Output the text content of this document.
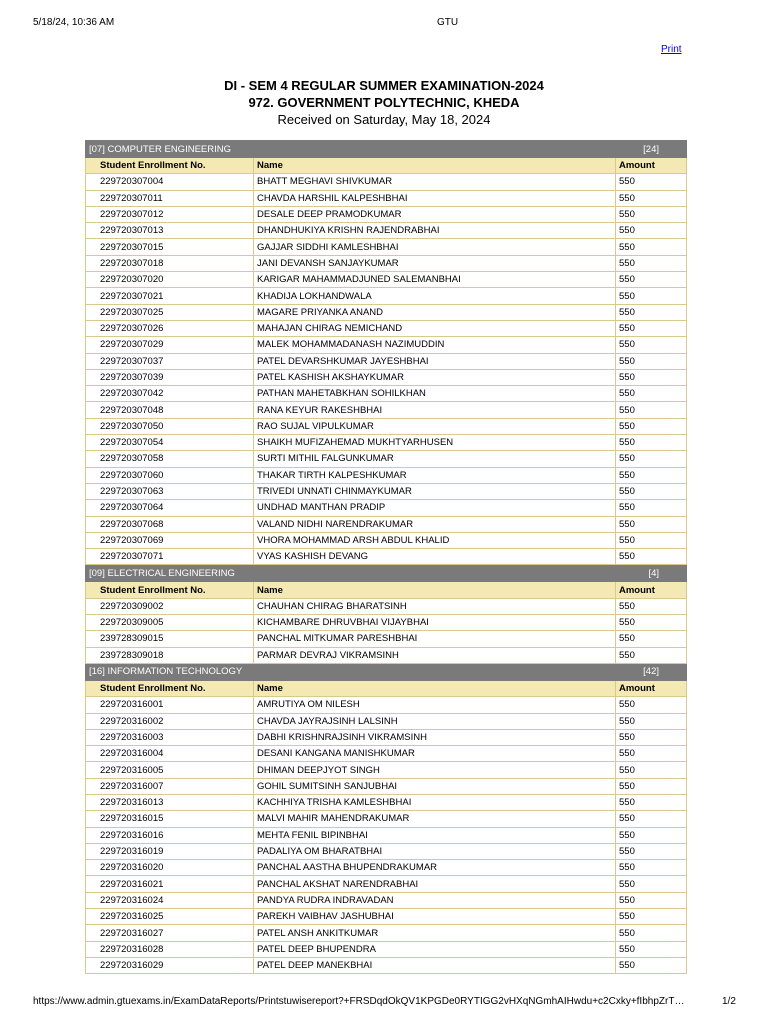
5/18/24, 10:36 AM	GTU
Print
DI - SEM 4 REGULAR SUMMER EXAMINATION-2024
972. GOVERNMENT POLYTECHNIC, KHEDA
Received on Saturday, May 18, 2024
[07] COMPUTER ENGINEERING		[24]
Student Enrollment No.	Name	Amount
229720307004	BHATT MEGHAVI SHIVKUMAR	550
229720307011	CHAVDA HARSHIL KALPESHBHAI	550
229720307012	DESALE DEEP PRAMODKUMAR	550
229720307013	DHANDHUKIYA KRISHN RAJENDRABHAI	550
229720307015	GAJJAR SIDDHI KAMLESHBHAI	550
229720307018	JANI DEVANSH SANJAYKUMAR	550
229720307020	KARIGAR MAHAMMADJUNED SALEMANBHAI	550
229720307021	KHADIJA LOKHANDWALA	550
229720307025	MAGARE PRIYANKA ANAND	550
229720307026	MAHAJAN CHIRAG NEMICHAND	550
229720307029	MALEK MOHAMMADANASH NAZIMUDDIN	550
229720307037	PATEL DEVARSHKUMAR JAYESHBHAI	550
229720307039	PATEL KASHISH AKSHAYKUMAR	550
229720307042	PATHAN MAHETABKHAN SOHILKHAN	550
229720307048	RANA KEYUR RAKESHBHAI	550
229720307050	RAO SUJAL VIPULKUMAR	550
229720307054	SHAIKH MUFIZAHEMAD MUKHTYARHUSEN	550
229720307058	SURTI MITHIL FALGUNKUMAR	550
229720307060	THAKAR TIRTH KALPESHKUMAR	550
229720307063	TRIVEDI UNNATI CHINMAYKUMAR	550
229720307064	UNDHAD MANTHAN PRADIP	550
229720307068	VALAND NIDHI NARENDRAKUMAR	550
229720307069	VHORA MOHAMMAD ARSH ABDUL KHALID	550
229720307071	VYAS KASHISH DEVANG	550
[09] ELECTRICAL ENGINEERING		[4]
Student Enrollment No.	Name	Amount
229720309002	CHAUHAN CHIRAG BHARATSINH	550
229720309005	KICHAMBARE DHRUVBHAI VIJAYBHAI	550
239728309015	PANCHAL MITKUMAR PARESHBHAI	550
239728309018	PARMAR DEVRAJ VIKRAMSINH	550
[16] INFORMATION TECHNOLOGY		[42]
Student Enrollment No.	Name	Amount
229720316001	AMRUTIYA OM NILESH	550
229720316002	CHAVDA JAYRAJSINH LALSINH	550
229720316003	DABHI KRISHNRAJSINH VIKRAMSINH	550
229720316004	DESANI KANGANA MANISHKUMAR	550
229720316005	DHIMAN DEEPJYOT SINGH	550
229720316007	GOHIL SUMITSINH SANJUBHAI	550
229720316013	KACHHIYA TRISHA KAMLESHBHAI	550
229720316015	MALVI MAHIR MAHENDRAKUMAR	550
229720316016	MEHTA FENIL BIPINBHAI	550
229720316019	PADALIYA OM BHARATBHAI	550
229720316020	PANCHAL AASTHA BHUPENDRAKUMAR	550
229720316021	PANCHAL AKSHAT NARENDRABHAI	550
229720316024	PANDYA RUDRA INDRAVADAN	550
229720316025	PAREKH VAIBHAV JASHUBHAI	550
229720316027	PATEL ANSH ANKITKUMAR	550
229720316028	PATEL DEEP BHUPENDRA	550
229720316029	PATEL DEEP MANEKBHAI	550
https://www.admin.gtuexams.in/ExamDataReports/Printstuwisereport?+FRSDqdOkQV1KPGDe0RYTIGG2vHXqNGmhAIHwdu+c2Cxky+fIbhpZrT…	1/2
